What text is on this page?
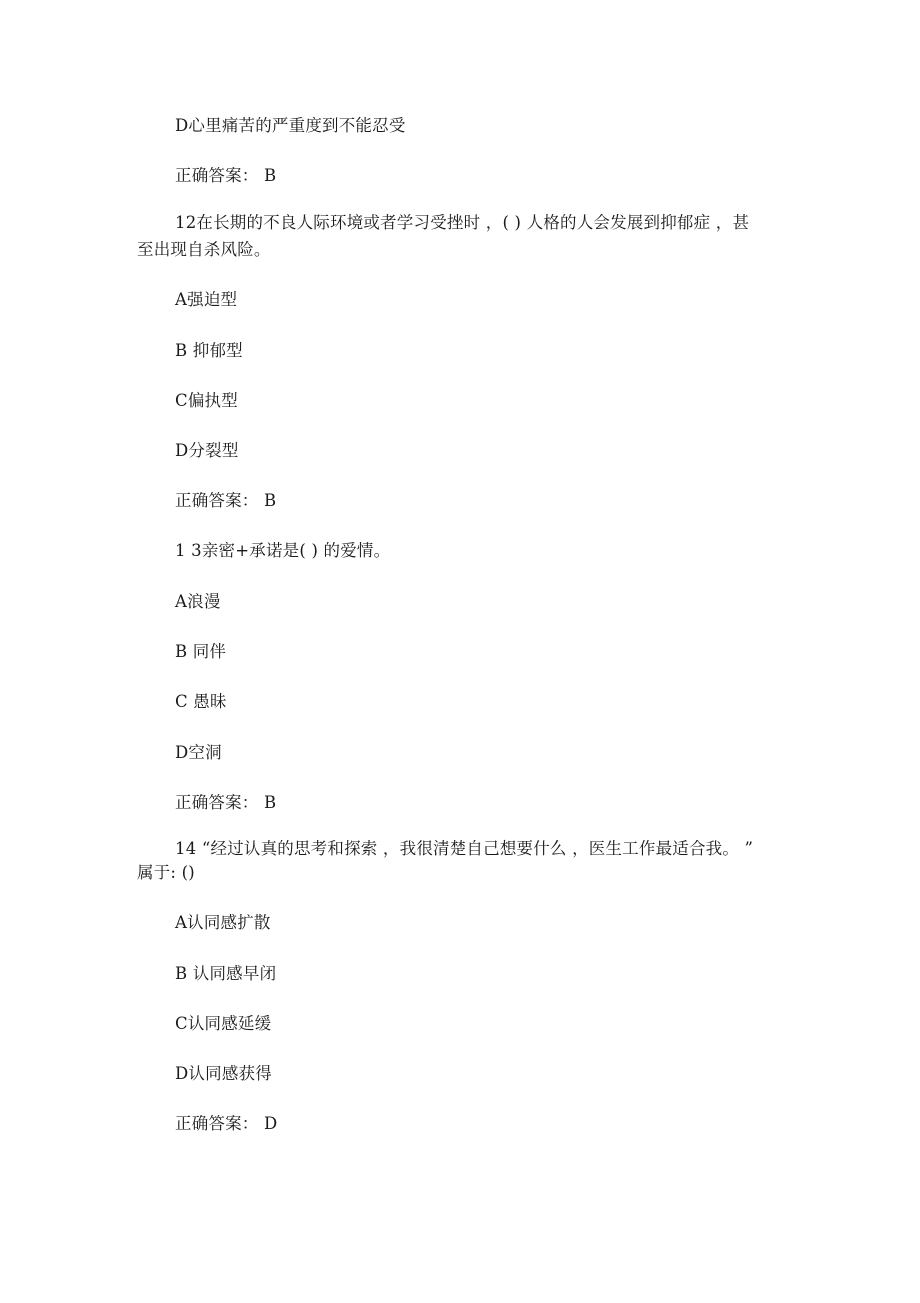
D心里痛苦的严重度到不能忍受
正确答案： B
12在长期的不良人际环境或者学习受挫时 ，( ) 人格的人会发展到抑郁症 ，甚
至出现自杀风险。
A强迫型
B 抑郁型
C偏执型
D分裂型
正确答案： B
1 3亲密+承诺是( ) 的爱情。
A浪漫
B 同伴
C 愚昧
D空洞
正确答案： B
14 “经过认真的思考和探索 ，我很清楚自己想要什么 ，医生工作最适合我。 ”
属于: ()
A认同感扩散
B 认同感早闭
C认同感延缓
D认同感获得
正确答案： D
